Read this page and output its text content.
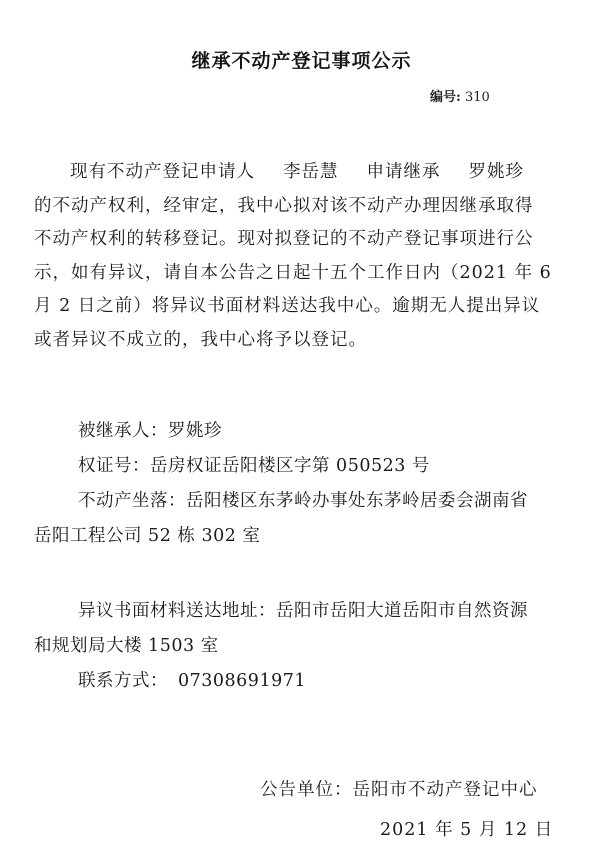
继承不动产登记事项公示
编号: 310
现有不动产登记申请人 李岳慧 申请继承 罗姚珍
的不动产权利，经审定，我中心拟对该不动产办理因继承取得
不动产权利的转移登记。现对拟登记的不动产登记事项进行公
示，如有异议，请自本公告之日起十五个工作日内（2021 年 6
月 2 日之前）将异议书面材料送达我中心。逾期无人提出异议
或者异议不成立的，我中心将予以登记。
被继承人：罗姚珍
权证号：岳房权证岳阳楼区字第 050523 号
不动产坐落：岳阳楼区东茅岭办事处东茅岭居委会湖南省
岳阳工程公司 52 栋 302 室
异议书面材料送达地址：岳阳市岳阳大道岳阳市自然资源
和规划局大楼 1503 室
联系方式： 07308691971
公告单位：岳阳市不动产登记中心
2021 年 5 月 12 日
